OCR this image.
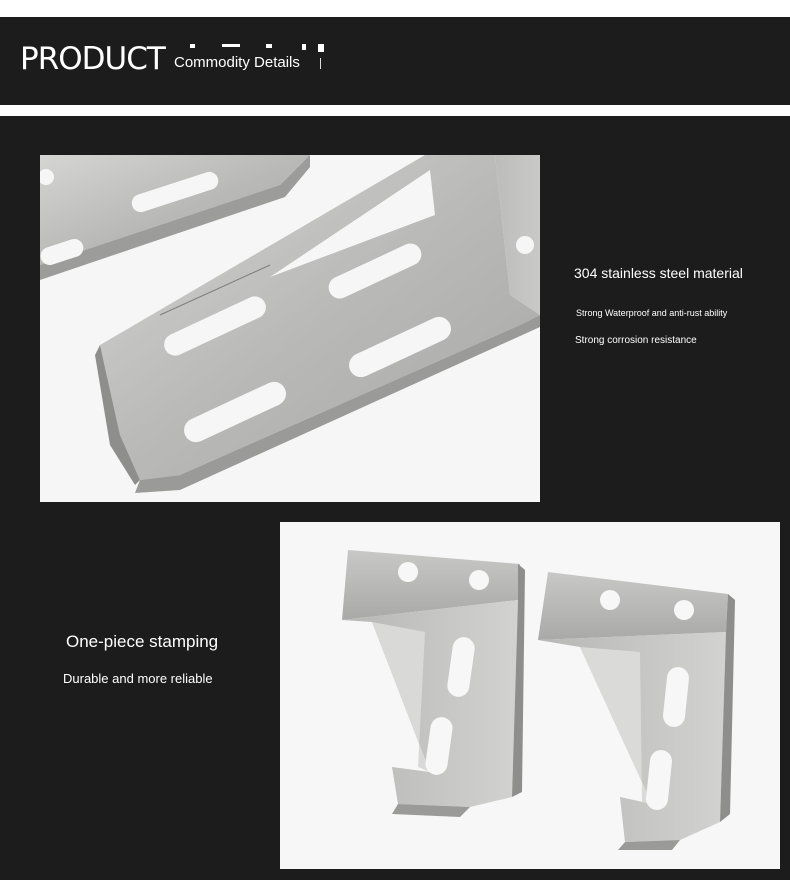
PRODUCT Commodity Details
304 stainless steel material
Strong Waterproof and anti-rust ability
Strong corrosion resistance
One-piece stamping
Durable and more reliable
